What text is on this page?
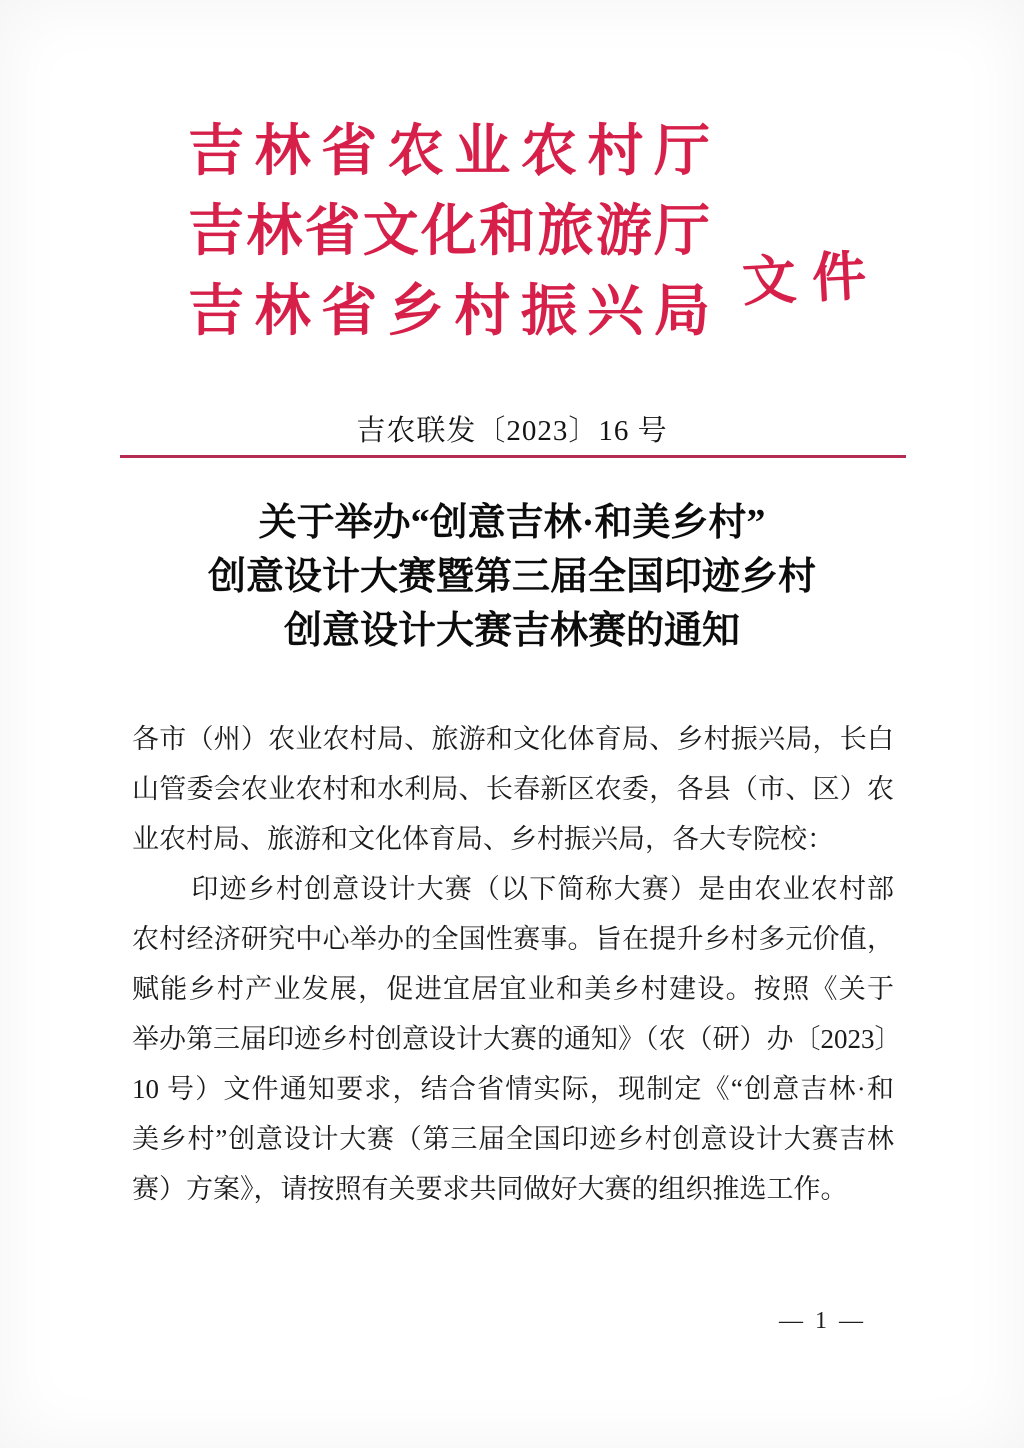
吉林省农业农村厅
吉林省文化和旅游厅
吉林省乡村振兴局 文件
吉农联发〔2023〕16 号
关于举办“创意吉林·和美乡村”
创意设计大赛暨第三届全国印迹乡村
创意设计大赛吉林赛的通知
各市（州）农业农村局、旅游和文化体育局、乡村振兴局，长白
山管委会农业农村和水利局、长春新区农委，各县（市、区）农
业农村局、旅游和文化体育局、乡村振兴局，各大专院校：
印迹乡村创意设计大赛（以下简称大赛）是由农业农村部
农村经济研究中心举办的全国性赛事。旨在提升乡村多元价值，
赋能乡村产业发展，促进宜居宜业和美乡村建设。按照《关于
举办第三届印迹乡村创意设计大赛的通知》（农（研）办〔2023〕
10 号）文件通知要求，结合省情实际，现制定《“创意吉林·和
美乡村”创意设计大赛（第三届全国印迹乡村创意设计大赛吉林
赛）方案》，请按照有关要求共同做好大赛的组织推选工作。
— 1 —
